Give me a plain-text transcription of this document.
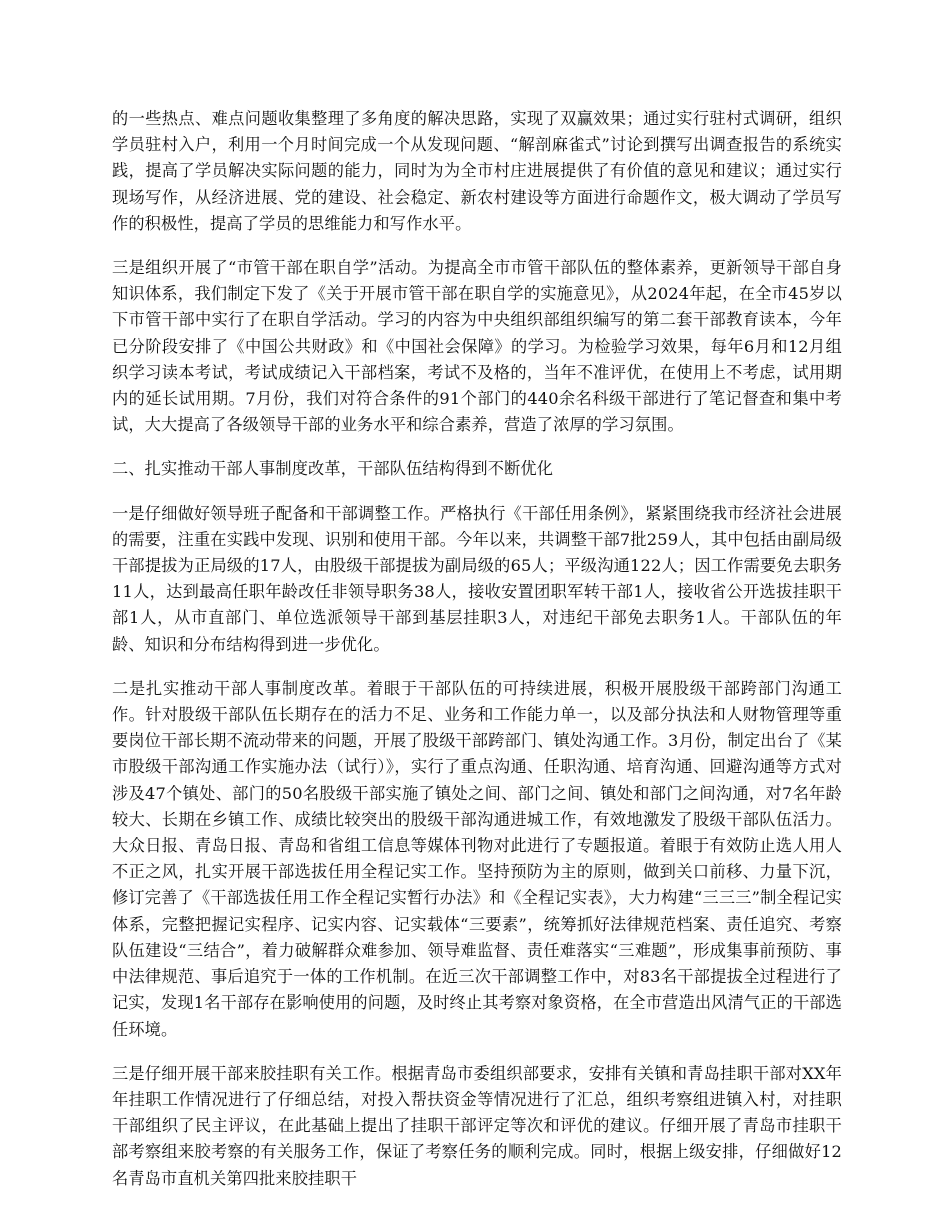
的一些热点、难点问题收集整理了多角度的解决思路，实现了双赢效果；通过实行驻村式调研，组织学员驻村入户，利用一个月时间完成一个从发现问题、“解剖麻雀式”讨论到撰写出调查报告的系统实践，提高了学员解决实际问题的能力，同时为为全市村庄进展提供了有价值的意见和建议；通过实行现场写作，从经济进展、党的建设、社会稳定、新农村建设等方面进行命题作文，极大调动了学员写作的积极性，提高了学员的思维能力和写作水平。

三是组织开展了“市管干部在职自学”活动。为提高全市市管干部队伍的整体素养，更新领导干部自身知识体系，我们制定下发了《关于开展市管干部在职自学的实施意见》，从2024年起，在全市45岁以下市管干部中实行了在职自学活动。学习的内容为中央组织部组织编写的第二套干部教育读本，今年已分阶段安排了《中国公共财政》和《中国社会保障》的学习。为检验学习效果，每年6月和12月组织学习读本考试，考试成绩记入干部档案，考试不及格的，当年不准评优，在使用上不考虑，试用期内的延长试用期。7月份，我们对符合条件的91个部门的440余名科级干部进行了笔记督查和集中考试，大大提高了各级领导干部的业务水平和综合素养，营造了浓厚的学习氛围。

二、扎实推动干部人事制度改革，干部队伍结构得到不断优化

一是仔细做好领导班子配备和干部调整工作。严格执行《干部任用条例》，紧紧围绕我市经济社会进展的需要，注重在实践中发现、识别和使用干部。今年以来，共调整干部7批259人，其中包括由副局级干部提拔为正局级的17人，由股级干部提拔为副局级的65人；平级沟通122人；因工作需要免去职务11人，达到最高任职年龄改任非领导职务38人，接收安置团职军转干部1人，接收省公开选拔挂职干部1人，从市直部门、单位选派领导干部到基层挂职3人，对违纪干部免去职务1人。干部队伍的年龄、知识和分布结构得到进一步优化。

二是扎实推动干部人事制度改革。着眼于干部队伍的可持续进展，积极开展股级干部跨部门沟通工作。针对股级干部队伍长期存在的活力不足、业务和工作能力单一，以及部分执法和人财物管理等重要岗位干部长期不流动带来的问题，开展了股级干部跨部门、镇处沟通工作。3月份，制定出台了《某市股级干部沟通工作实施办法（试行）》，实行了重点沟通、任职沟通、培育沟通、回避沟通等方式对涉及47个镇处、部门的50名股级干部实施了镇处之间、部门之间、镇处和部门之间沟通，对7名年龄较大、长期在乡镇工作、成绩比较突出的股级干部沟通进城工作，有效地激发了股级干部队伍活力。大众日报、青岛日报、青岛和省组工信息等媒体刊物对此进行了专题报道。着眼于有效防止选人用人不正之风，扎实开展干部选拔任用全程记实工作。坚持预防为主的原则，做到关口前移、力量下沉，修订完善了《干部选拔任用工作全程记实暂行办法》和《全程记实表》，大力构建“三三三”制全程记实体系，完整把握记实程序、记实内容、记实载体“三要素”，统筹抓好法律规范档案、责任追究、考察队伍建设“三结合”，着力破解群众难参加、领导难监督、责任难落实“三难题”，形成集事前预防、事中法律规范、事后追究于一体的工作机制。在近三次干部调整工作中，对83名干部提拔全过程进行了记实，发现1名干部存在影响使用的问题，及时终止其考察对象资格，在全市营造出风清气正的干部选任环境。

三是仔细开展干部来胶挂职有关工作。根据青岛市委组织部要求，安排有关镇和青岛挂职干部对XX年年挂职工作情况进行了仔细总结，对投入帮扶资金等情况进行了汇总，组织考察组进镇入村，对挂职干部组织了民主评议，在此基础上提出了挂职干部评定等次和评优的建议。仔细开展了青岛市挂职干部考察组来胶考察的有关服务工作，保证了考察任务的顺利完成。同时，根据上级安排，仔细做好12名青岛市直机关第四批来胶挂职干
